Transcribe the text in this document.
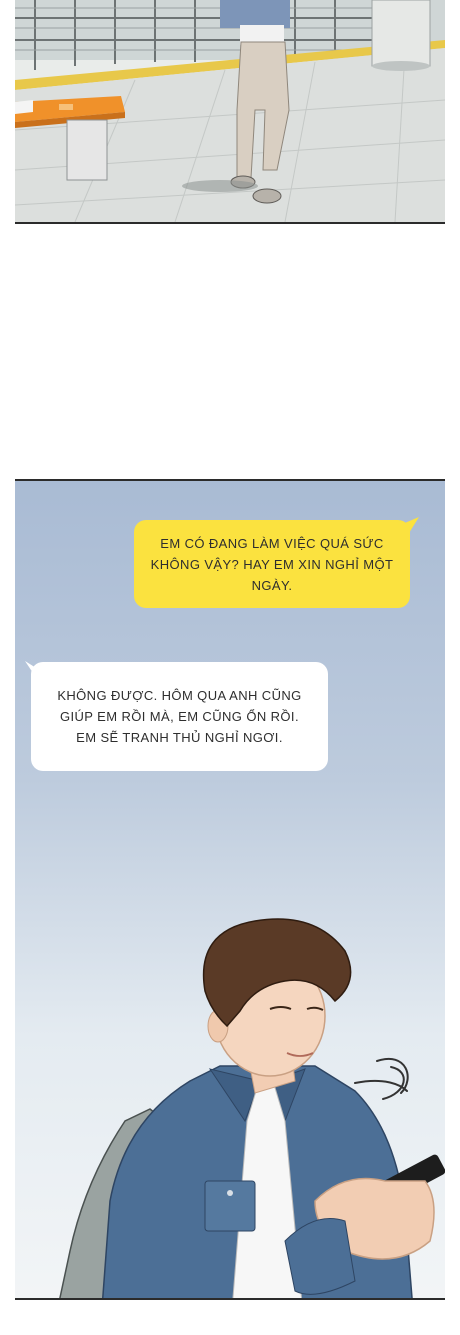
EM CÓ ĐANG LÀM VIỆC QUÁ SỨC
KHÔNG VẬY? HAY EM XIN NGHỈ MỘT
NGÀY.
KHÔNG ĐƯỢC. HÔM QUA ANH CŨNG
GIÚP EM RỒI MÀ, EM CŨNG ỔN RỒI.
EM SẼ TRANH THỦ NGHỈ NGƠI.
